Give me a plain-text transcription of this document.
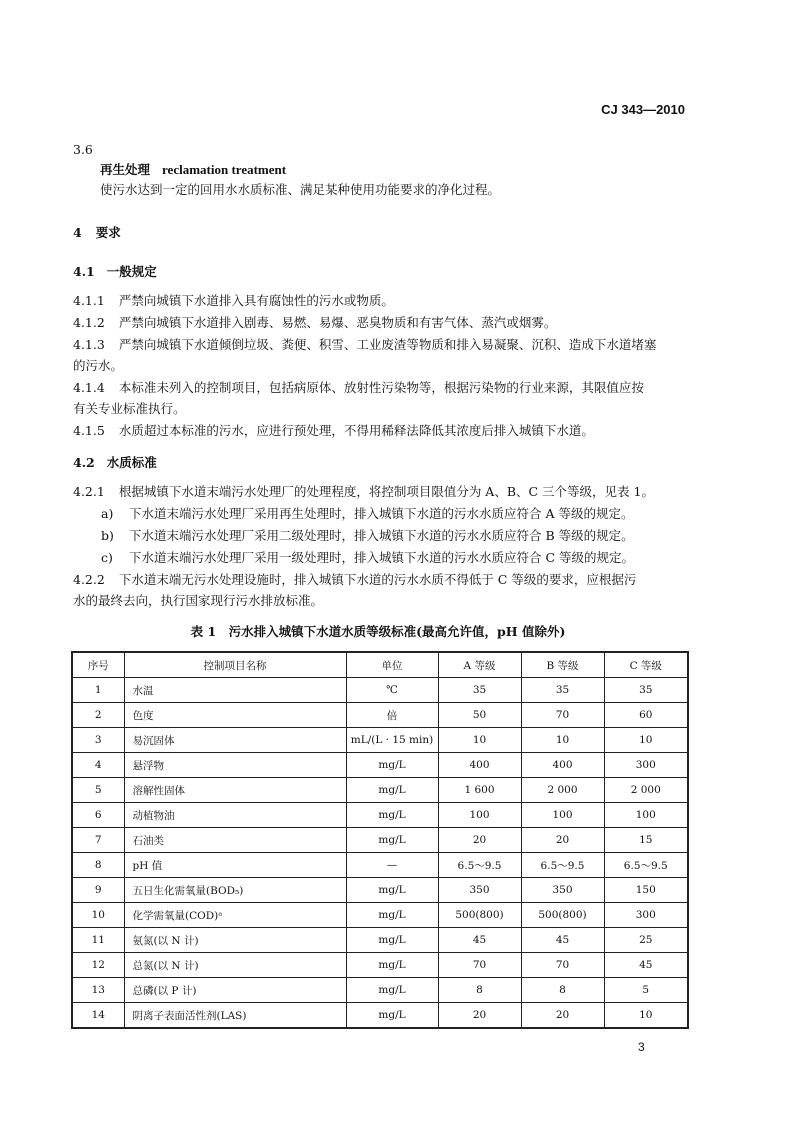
CJ 343—2010
3.6
再生处理 reclamation treatment
使污水达到一定的回用水水质标准、满足某种使用功能要求的净化过程。
4 要求
4.1 一般规定
4.1.1 严禁向城镇下水道排入具有腐蚀性的污水或物质。
4.1.2 严禁向城镇下水道排入剧毒、易燃、易爆、恶臭物质和有害气体、蒸汽或烟雾。
4.1.3 严禁向城镇下水道倾倒垃圾、粪便、积雪、工业废渣等物质和排入易凝聚、沉积、造成下水道堵塞
的污水。
4.1.4 本标准未列入的控制项目，包括病原体、放射性污染物等，根据污染物的行业来源，其限值应按
有关专业标准执行。
4.1.5 水质超过本标准的污水，应进行预处理，不得用稀释法降低其浓度后排入城镇下水道。
4.2 水质标准
4.2.1 根据城镇下水道末端污水处理厂的处理程度，将控制项目限值分为 A、B、C 三个等级，见表 1。
a) 下水道末端污水处理厂采用再生处理时，排入城镇下水道的污水水质应符合 A 等级的规定。
b) 下水道末端污水处理厂采用二级处理时，排入城镇下水道的污水水质应符合 B 等级的规定。
c) 下水道末端污水处理厂采用一级处理时，排入城镇下水道的污水水质应符合 C 等级的规定。
4.2.2 下水道末端无污水处理设施时，排入城镇下水道的污水水质不得低于 C 等级的要求，应根据污
水的最终去向，执行国家现行污水排放标准。
表 1　污水排入城镇下水道水质等级标准(最高允许值，pH 值除外)
序号	控制项目名称	单位	A 等级	B 等级	C 等级
1	水温	℃	35	35	35
2	色度	倍	50	70	60
3	易沉固体	mL/(L · 15 min)	10	10	10
4	悬浮物	mg/L	400	400	300
5	溶解性固体	mg/L	1 600	2 000	2 000
6	动植物油	mg/L	100	100	100
7	石油类	mg/L	20	20	15
8	pH 值	—	6.5～9.5	6.5～9.5	6.5～9.5
9	五日生化需氧量(BOD₅)	mg/L	350	350	150
10	化学需氧量(COD)ᵃ	mg/L	500(800)	500(800)	300
11	氨氮(以 N 计)	mg/L	45	45	25
12	总氮(以 N 计)	mg/L	70	70	45
13	总磷(以 P 计)	mg/L	8	8	5
14	阴离子表面活性剂(LAS)	mg/L	20	20	10
3
